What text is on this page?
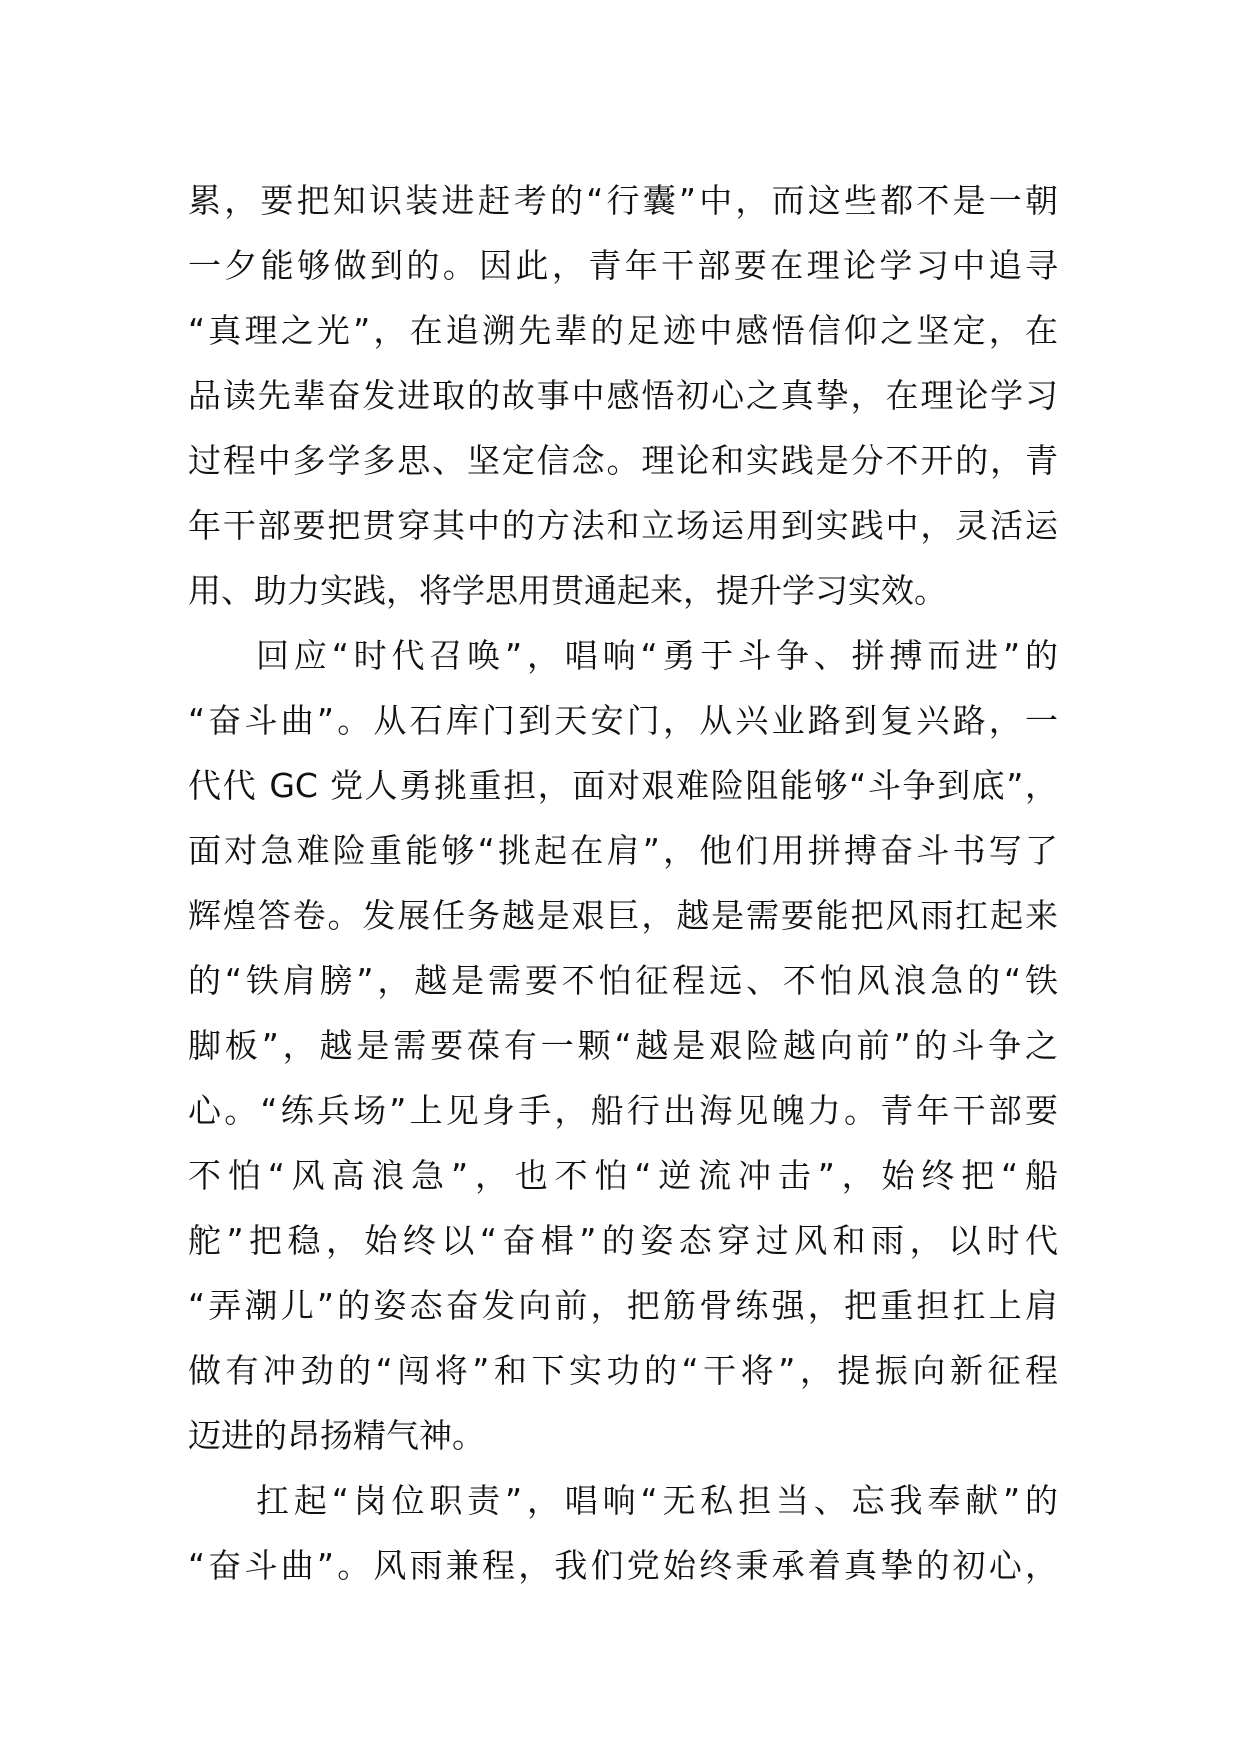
累，要把知识装进赶考的“行囊”中，而这些都不是一朝
一夕能够做到的。因此，青年干部要在理论学习中追寻
“真理之光”，在追溯先辈的足迹中感悟信仰之坚定，在
品读先辈奋发进取的故事中感悟初心之真挚，在理论学习
过程中多学多思、坚定信念。理论和实践是分不开的，青
年干部要把贯穿其中的方法和立场运用到实践中，灵活运
用、助力实践，将学思用贯通起来，提升学习实效。
回应“时代召唤”，唱响“勇于斗争、拼搏而进”的
“奋斗曲”。从石库门到天安门，从兴业路到复兴路，一
代代 GC 党人勇挑重担，面对艰难险阻能够“斗争到底”，
面对急难险重能够“挑起在肩”，他们用拼搏奋斗书写了
辉煌答卷。发展任务越是艰巨，越是需要能把风雨扛起来
的“铁肩膀”，越是需要不怕征程远、不怕风浪急的“铁
脚板”，越是需要葆有一颗“越是艰险越向前”的斗争之
心。“练兵场”上见身手，船行出海见魄力。青年干部要
不怕“风高浪急”，也不怕“逆流冲击”，始终把“船
舵”把稳，始终以“奋楫”的姿态穿过风和雨，以时代
“弄潮儿”的姿态奋发向前，把筋骨练强，把重担扛上肩
做有冲劲的“闯将”和下实功的“干将”，提振向新征程
迈进的昂扬精气神。
扛起“岗位职责”，唱响“无私担当、忘我奉献”的
“奋斗曲”。风雨兼程，我们党始终秉承着真挚的初心，
